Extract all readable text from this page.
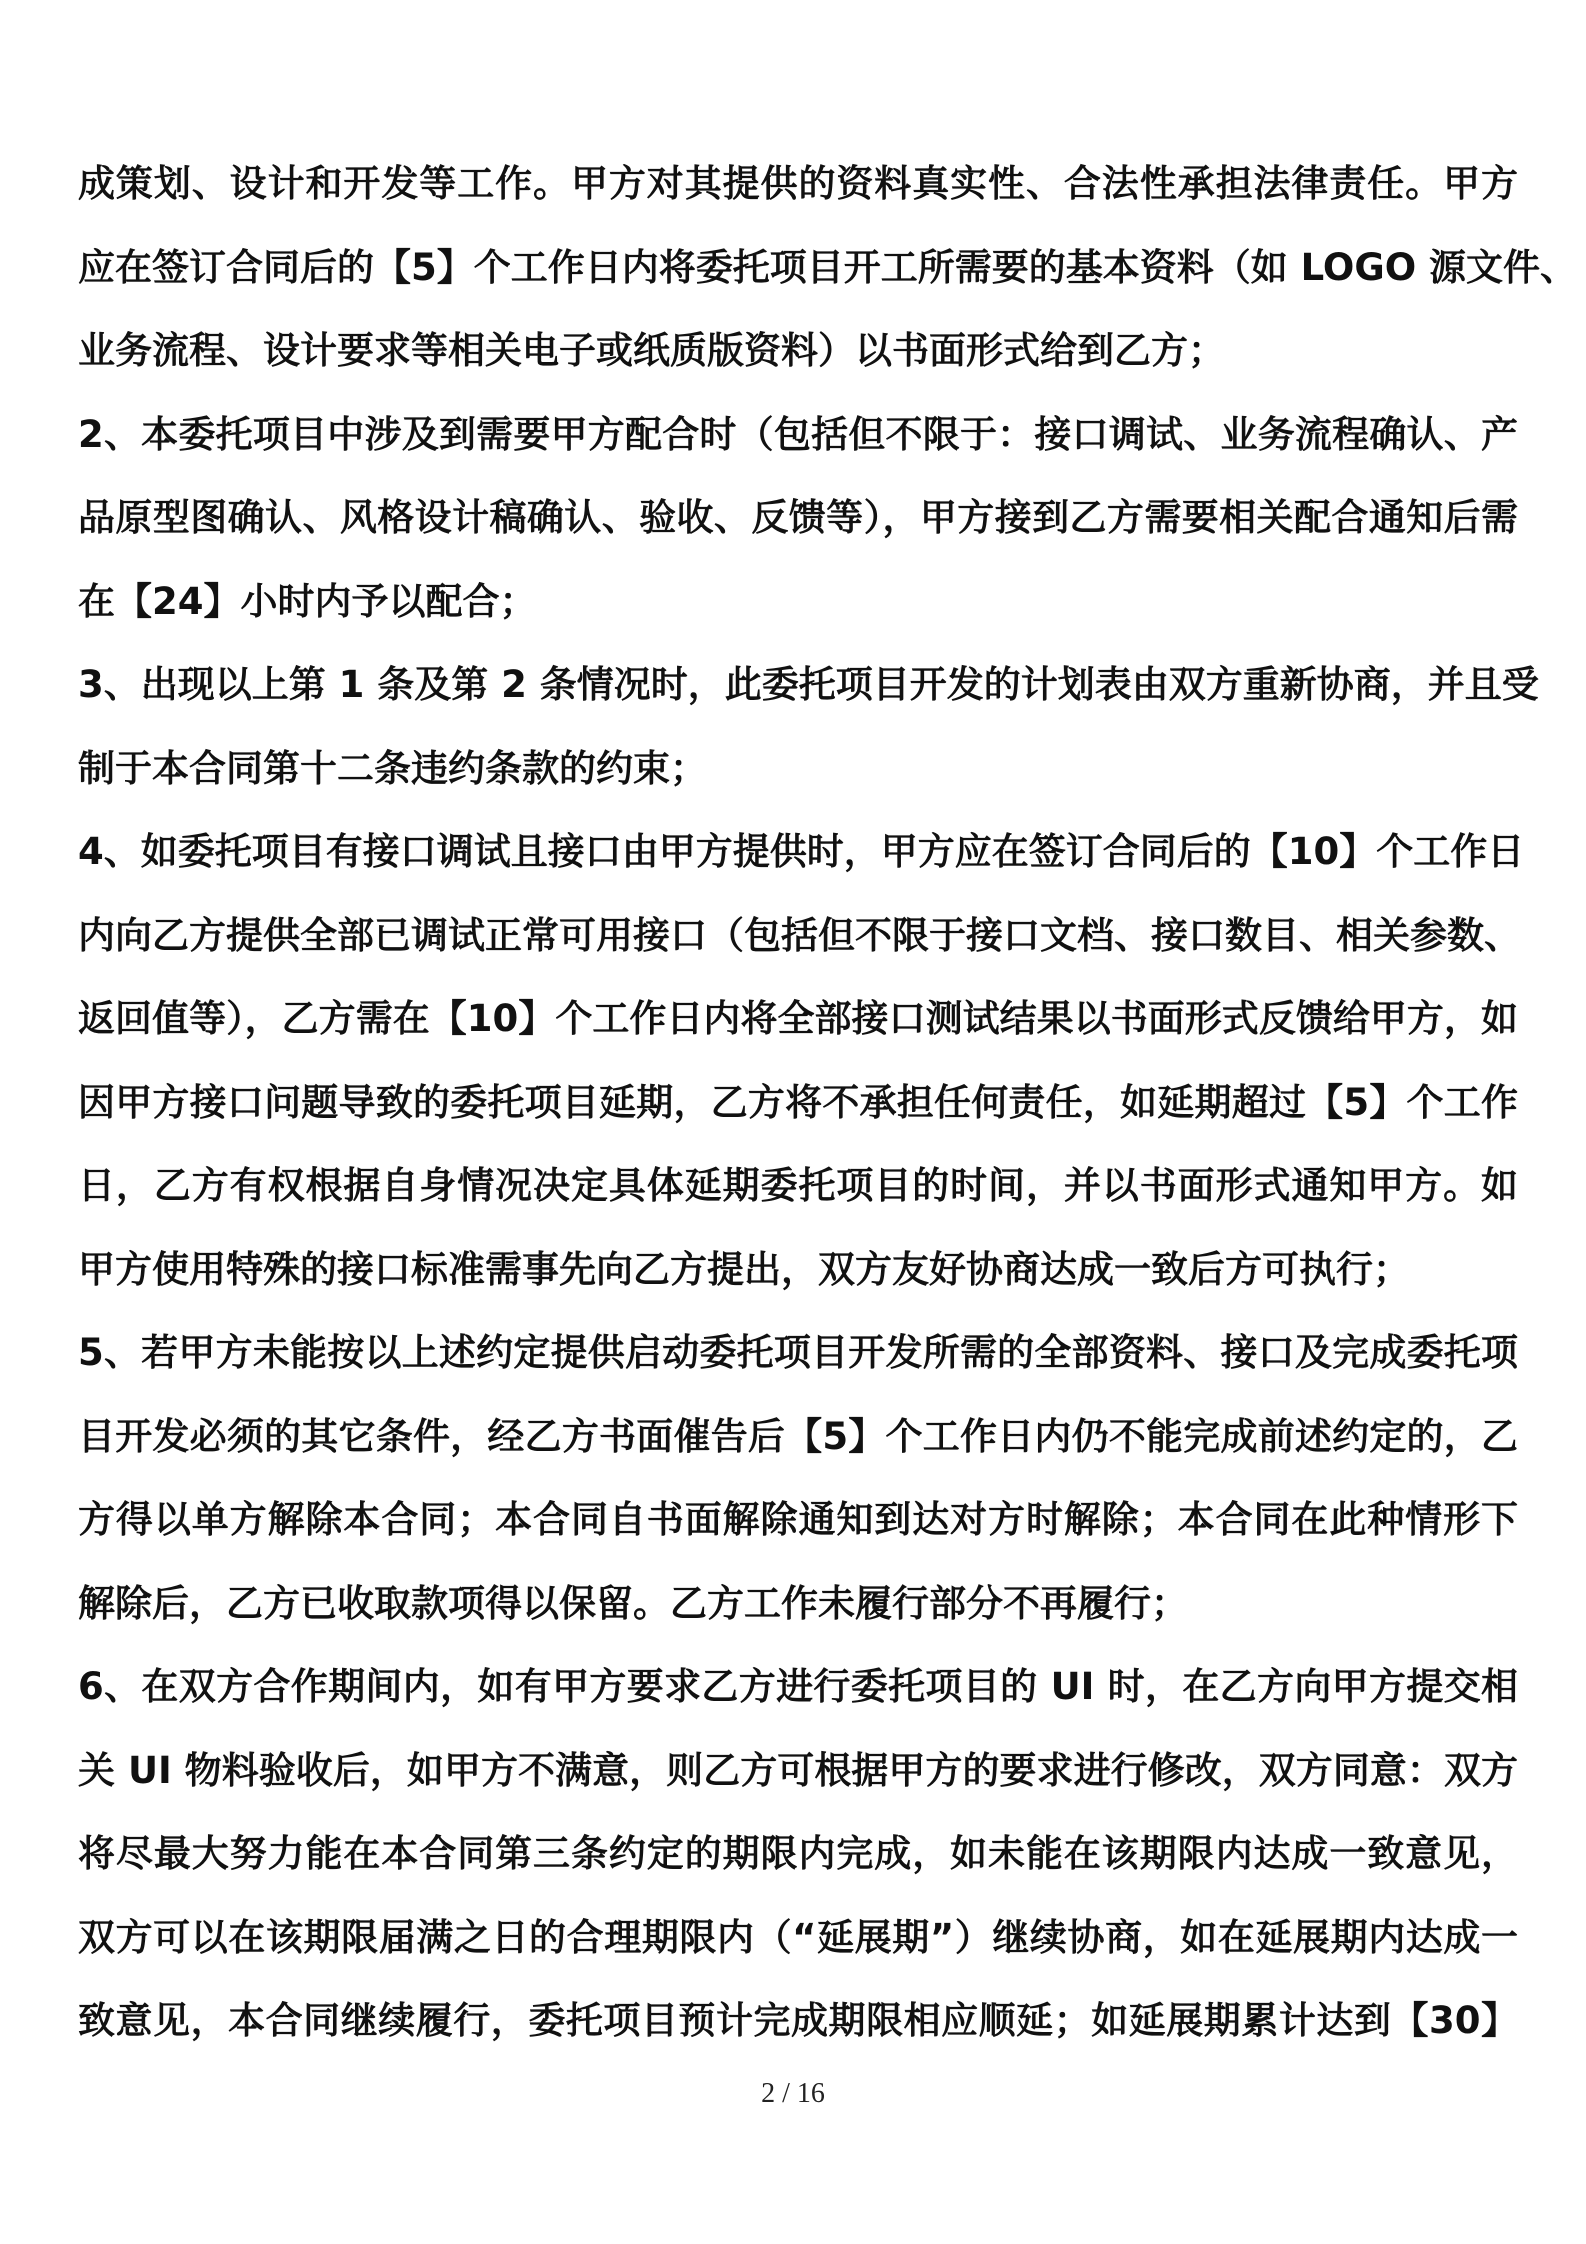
成策划、设计和开发等工作。甲方对其提供的资料真实性、合法性承担法律责任。甲方
应在签订合同后的【5】个工作日内将委托项目开工所需要的基本资料（如 LOGO 源文件、
业务流程、设计要求等相关电子或纸质版资料）以书面形式给到乙方；
2、本委托项目中涉及到需要甲方配合时（包括但不限于：接口调试、业务流程确认、产
品原型图确认、风格设计稿确认、验收、反馈等），甲方接到乙方需要相关配合通知后需
在【24】小时内予以配合；
3、出现以上第 1 条及第 2 条情况时，此委托项目开发的计划表由双方重新协商，并且受
制于本合同第十二条违约条款的约束；
4、如委托项目有接口调试且接口由甲方提供时，甲方应在签订合同后的【10】个工作日
内向乙方提供全部已调试正常可用接口（包括但不限于接口文档、接口数目、相关参数、
返回值等），乙方需在【10】个工作日内将全部接口测试结果以书面形式反馈给甲方，如
因甲方接口问题导致的委托项目延期，乙方将不承担任何责任，如延期超过【5】个工作
日，乙方有权根据自身情况决定具体延期委托项目的时间，并以书面形式通知甲方。如
甲方使用特殊的接口标准需事先向乙方提出，双方友好协商达成一致后方可执行；
5、若甲方未能按以上述约定提供启动委托项目开发所需的全部资料、接口及完成委托项
目开发必须的其它条件，经乙方书面催告后【5】个工作日内仍不能完成前述约定的，乙
方得以单方解除本合同；本合同自书面解除通知到达对方时解除；本合同在此种情形下
解除后，乙方已收取款项得以保留。乙方工作未履行部分不再履行；
6、在双方合作期间内，如有甲方要求乙方进行委托项目的 UI 时，在乙方向甲方提交相
关 UI 物料验收后，如甲方不满意，则乙方可根据甲方的要求进行修改，双方同意：双方
将尽最大努力能在本合同第三条约定的期限内完成，如未能在该期限内达成一致意见，
双方可以在该期限届满之日的合理期限内（“延展期”）继续协商，如在延展期内达成一
致意见，本合同继续履行，委托项目预计完成期限相应顺延；如延展期累计达到【30】
2 / 16
